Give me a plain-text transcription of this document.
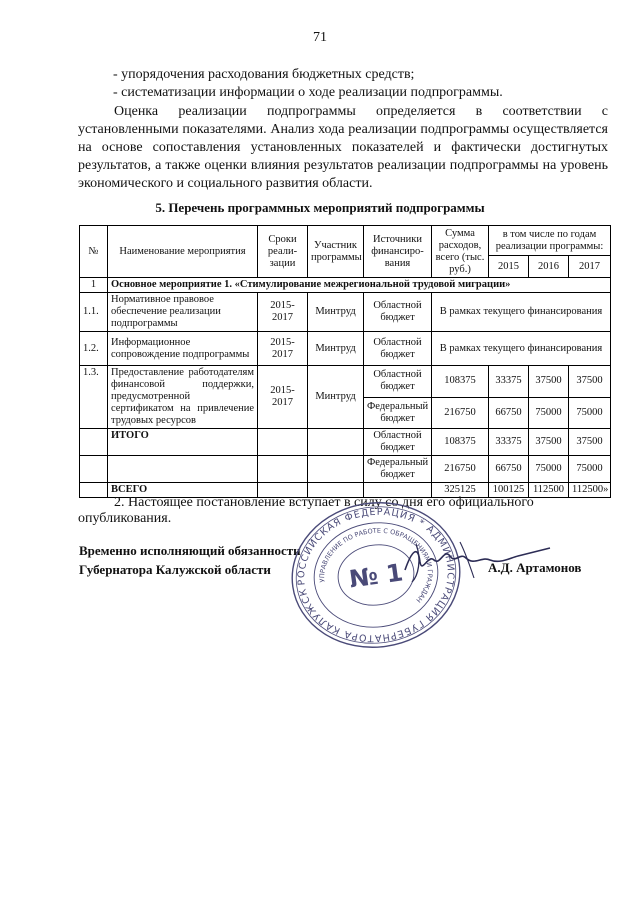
71
- упорядочения расходования бюджетных средств;
- систематизации информации о ходе реализации подпрограммы.
Оценка реализации подпрограммы определяется в соответствии с установленными показателями. Анализ хода реализации подпрограммы осуществляется на основе сопоставления установленных показателей и фактически достигнутых результатов, а также оценки влияния результатов реализации подпрограммы на уровень экономического и социального развития области.
5. Перечень программных мероприятий подпрограммы
№	Наименование мероприятия	Сроки реали-зации	Участник программы	Источники финансиро-вания	Сумма расходов, всего (тыс. руб.)	в том числе по годам реализации программы:		
						2015	2016	2017
1	Основное мероприятие 1. «Стимулирование межрегиональной трудовой миграции»							
1.1.	Нормативное правовое обеспечение реализации подпрограммы	2015-2017	Минтруд	Областной бюджет	В рамках текущего финансирования			
1.2.	Информационное сопровождение подпрограммы	2015-2017	Минтруд	Областной бюджет	В рамках текущего финансирования			
1.3.	Предоставление работодателям финансовой поддержки, предусмотренной сертификатом на привлечение трудовых ресурсов	2015-2017	Минтруд	Областной бюджет	108375	33375	37500	37500
				Федеральный бюджет	216750	66750	75000	75000
	ИТОГО			Областной бюджет	108375	33375	37500	37500
				Федеральный бюджет	216750	66750	75000	75000
	ВСЕГО				325125	100125	112500	112500»
2. Настоящее постановление вступает в силу со дня его официального опубликования.
Временно исполняющий обязанности
Губернатора Калужской области
РОССИЙСКАЯ ФЕДЕРАЦИЯ * АДМИНИСТРАЦИЯ ГУБЕРНАТОРА КАЛУЖСКОЙ
УПРАВЛЕНИЕ ПО РАБОТЕ С ОБРАЩЕНИЯМИ ГРАЖДАН
№ 1	А.Д. Артамонов
